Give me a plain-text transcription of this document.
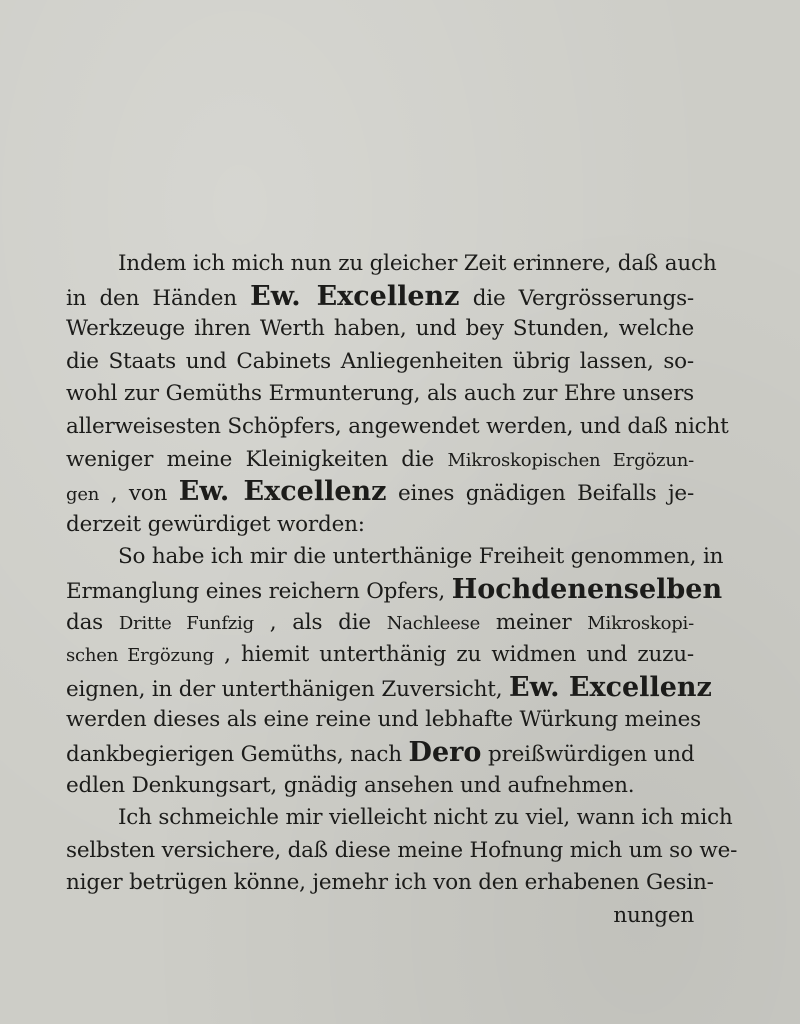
Indem ich mich nun zu gleicher Zeit erinnere, daß auch
in den Händen Ew. Excellenz die Vergrösserungs-
Werkzeuge ihren Werth haben, und bey Stunden, welche
die Staats und Cabinets Anliegenheiten übrig lassen, so-
wohl zur Gemüths Ermunterung, als auch zur Ehre unsers
allerweisesten Schöpfers, angewendet werden, und daß nicht
weniger meine Kleinigkeiten die Mikroskopischen Ergözun-
gen , von Ew. Excellenz eines gnädigen Beifalls je-
derzeit gewürdiget worden:
So habe ich mir die unterthänige Freiheit genommen, in
Ermanglung eines reichern Opfers, Hochdenenselben
das Dritte Funfzig , als die Nachleese meiner Mikroskopi-
schen Ergözung , hiemit unterthänig zu widmen und zuzu-
eignen, in der unterthänigen Zuversicht, Ew. Excellenz
werden dieses als eine reine und lebhafte Würkung meines
dankbegierigen Gemüths, nach Dero preißwürdigen und
edlen Denkungsart, gnädig ansehen und aufnehmen.
Ich schmeichle mir vielleicht nicht zu viel, wann ich mich
selbsten versichere, daß diese meine Hofnung mich um so we-
niger betrügen könne, jemehr ich von den erhabenen Gesin-
nungen
